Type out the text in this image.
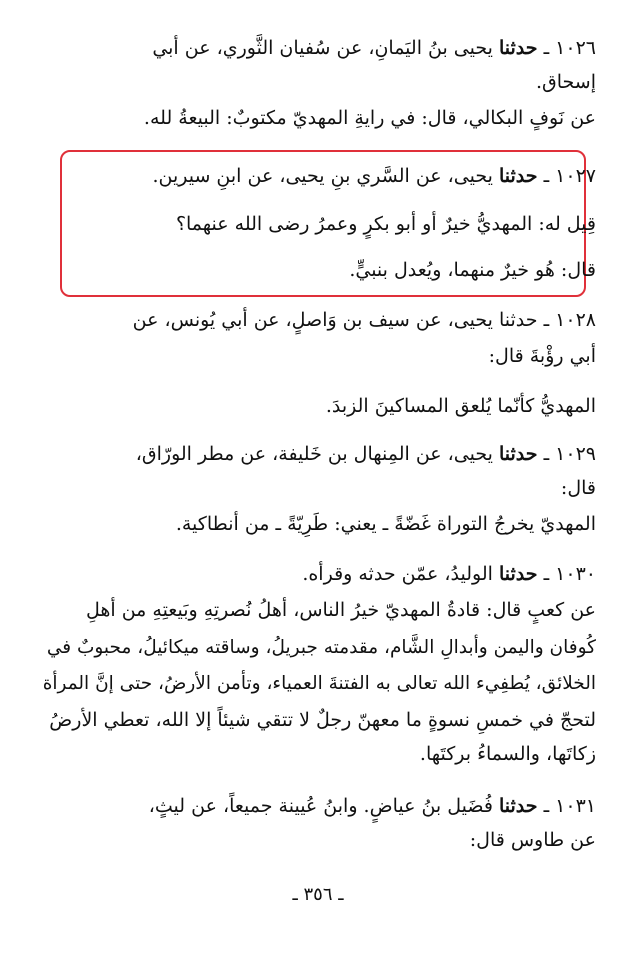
١٠٢٦ ـ حدثنا يحيى بنُ اليَمانِ، عن سُفيان الثَّوري، عن أبي
إسحاق.
عن نَوفٍ البكالي، قال: في رايةِ المهديّ مكتوبٌ: البيعةُ لله.
١٠٢٧ ـ حدثنا يحيى، عن السَّري بنِ يحيى، عن ابنِ سيرين.
قِيل له: المهديُّ خيرٌ أو أبو بكرٍ وعمرُ رضى الله عنهما؟
قال: هُو خيرٌ منهما، ويُعدل بنبيٍّ.
١٠٢٨ ـ حدثنا يحيى، عن سيف بن وَاصلٍ، عن أبي يُونس، عن
أبي رؤْبةَ قال:
المهديُّ كأنّما يُلعق المساكينَ الزبدَ.
١٠٢٩ ـ حدثنا يحيى، عن المِنهال بن خَليفة، عن مطر الورّاق،
قال:
المهديّ يخرجُ التوراة غَضّةً ـ يعني: طَرِيّةً ـ من أنطاكية.
١٠٣٠ ـ حدثنا الوليدُ، عمّن حدثه وقرأه.
عن كعبٍ قال: قادةُ المهديّ خيرُ الناس، أهلُ نُصرتِهِ وبَيعتِهِ من أهلِ
كُوفان واليمن وأبدالِ الشَّام، مقدمته جبريلُ، وساقته ميكائيلُ، محبوبٌ في
الخلائق، يُطفِيء الله تعالى به الفتنةَ العمياء، وتأمن الأرضُ، حتى إنَّ المرأة
لتحجّ في خمسِ نسوةٍ ما معهنّ رجلٌ لا تتقي شيئاً إلا الله، تعطي الأرضُ
زكاتَها، والسماءُ بركتَها.
١٠٣١ ـ حدثنا فُضَيل بنُ عياضٍ. وابنُ عُيينة جميعاً، عن ليثٍ،
عن طاوس قال:
ـ ٣٥٦ ـ
